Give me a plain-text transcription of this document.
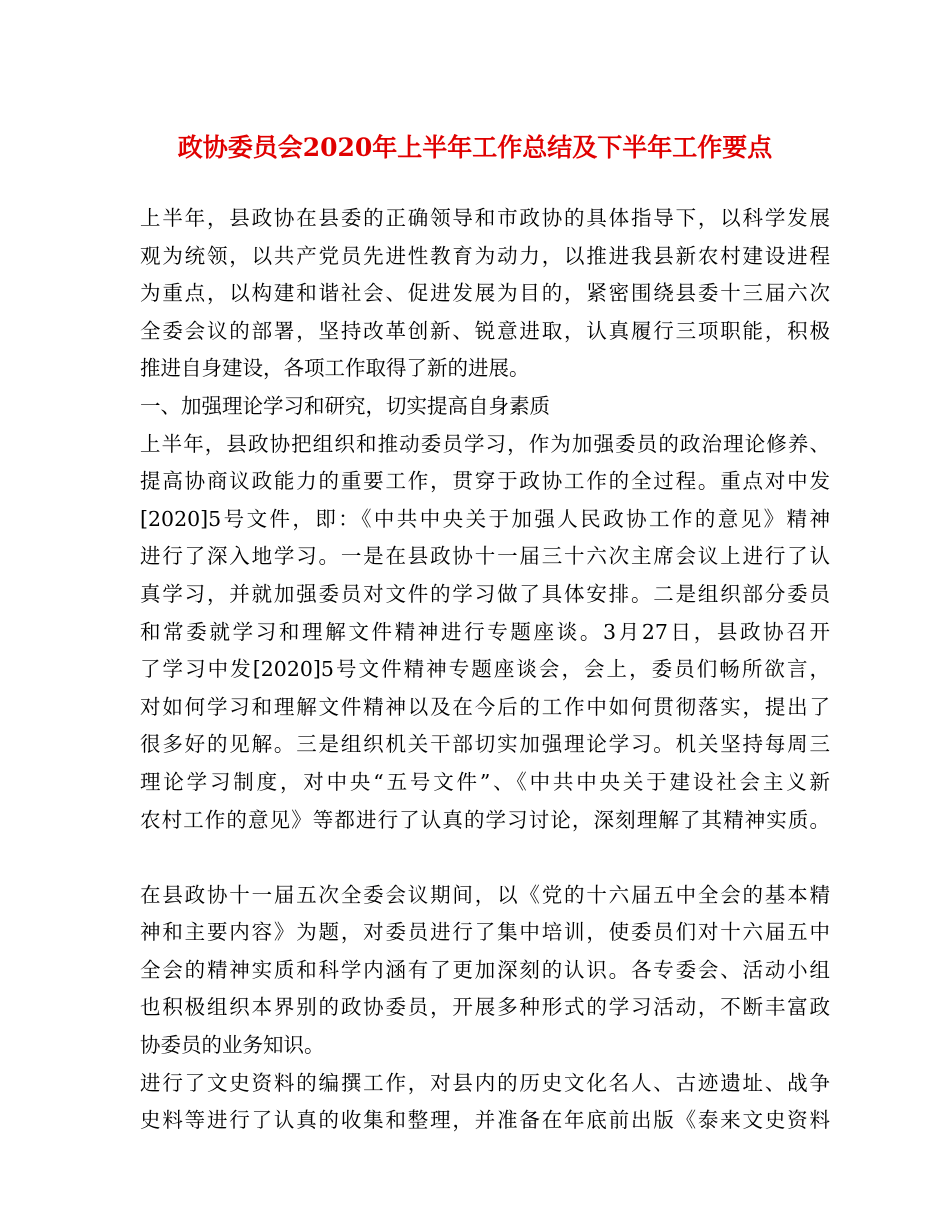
政协委员会2020年上半年工作总结及下半年工作要点
上半年，县政协在县委的正确领导和市政协的具体指导下，以科学发展
观为统领，以共产党员先进性教育为动力，以推进我县新农村建设进程
为重点，以构建和谐社会、促进发展为目的，紧密围绕县委十三届六次
全委会议的部署，坚持改革创新、锐意进取，认真履行三项职能，积极
推进自身建设，各项工作取得了新的进展。
一、加强理论学习和研究，切实提高自身素质
上半年，县政协把组织和推动委员学习，作为加强委员的政治理论修养、
提高协商议政能力的重要工作，贯穿于政协工作的全过程。重点对中发
[2020]5号文件，即：《中共中央关于加强人民政协工作的意见》精神
进行了深入地学习。一是在县政协十一届三十六次主席会议上进行了认
真学习，并就加强委员对文件的学习做了具体安排。二是组织部分委员
和常委就学习和理解文件精神进行专题座谈。3月27日，县政协召开
了学习中发[2020]5号文件精神专题座谈会，会上，委员们畅所欲言，
对如何学习和理解文件精神以及在今后的工作中如何贯彻落实，提出了
很多好的见解。三是组织机关干部切实加强理论学习。机关坚持每周三
理论学习制度，对中央“五号文件”、《中共中央关于建设社会主义新
农村工作的意见》等都进行了认真的学习讨论，深刻理解了其精神实质。
在县政协十一届五次全委会议期间，以《党的十六届五中全会的基本精
神和主要内容》为题，对委员进行了集中培训，使委员们对十六届五中
全会的精神实质和科学内涵有了更加深刻的认识。各专委会、活动小组
也积极组织本界别的政协委员，开展多种形式的学习活动，不断丰富政
协委员的业务知识。
进行了文史资料的编撰工作，对县内的历史文化名人、古迹遗址、战争
史料等进行了认真的收集和整理，并准备在年底前出版《泰来文史资料
